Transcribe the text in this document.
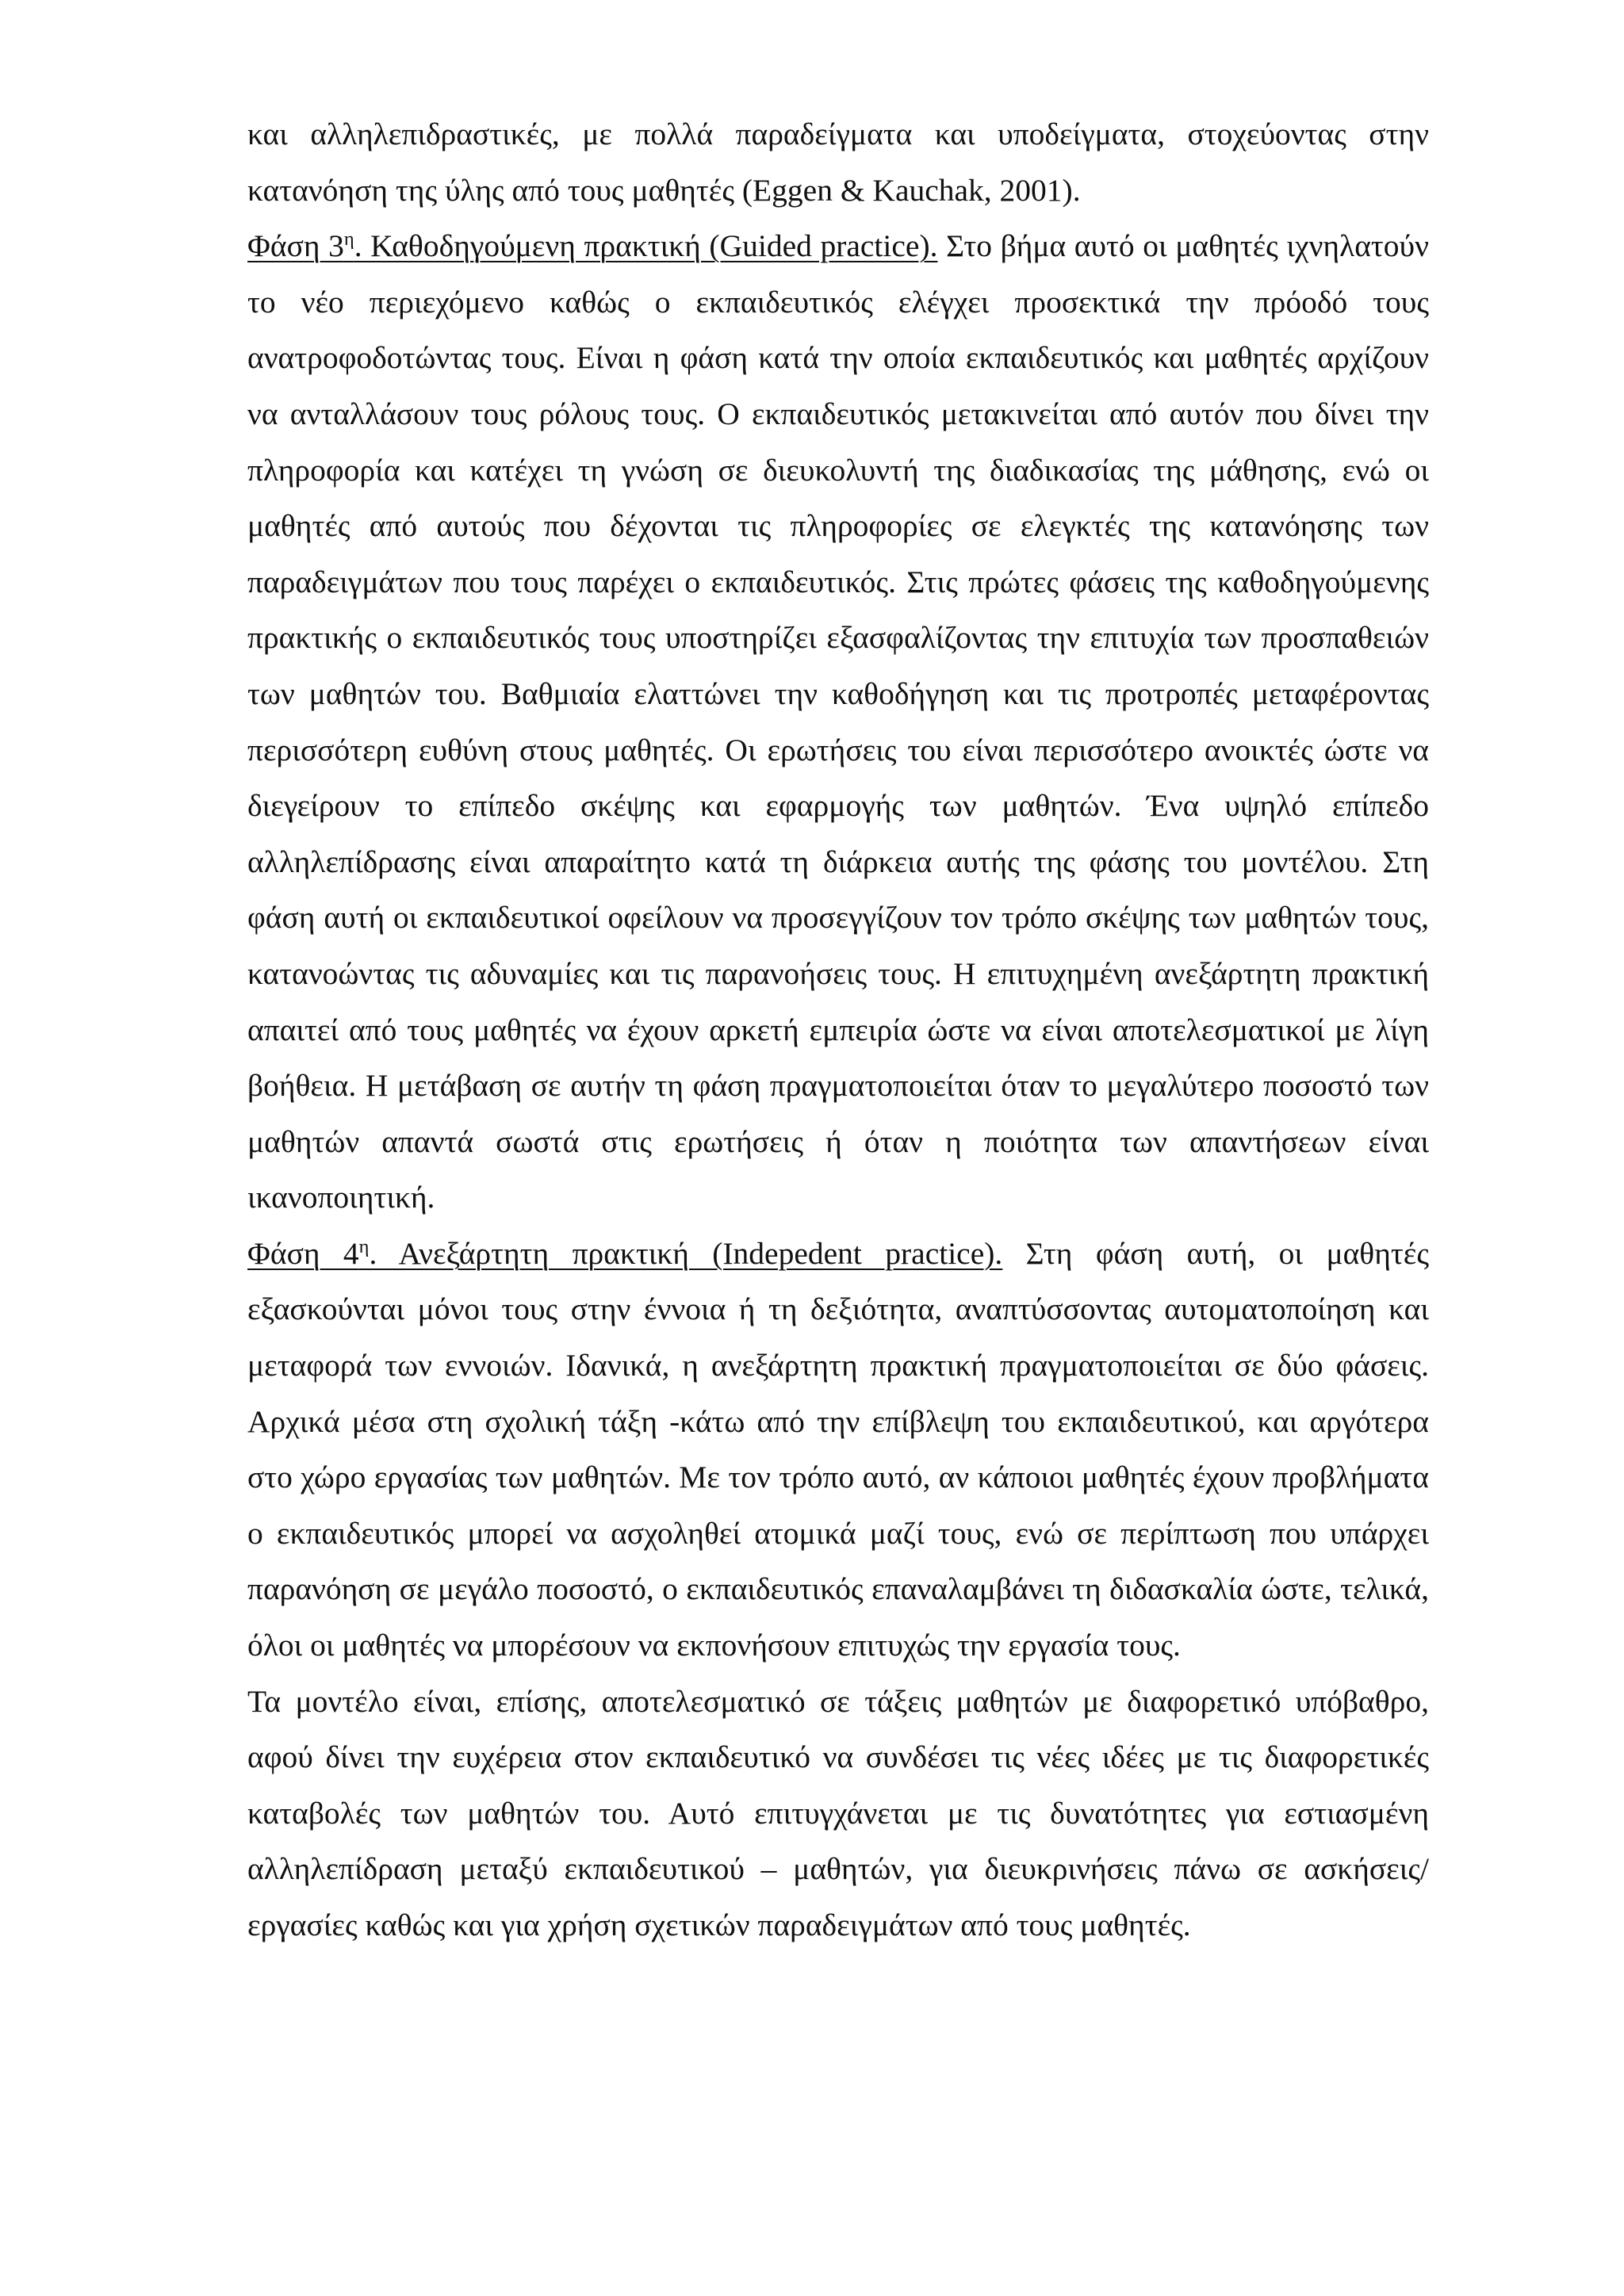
και αλληλεπιδραστικές, με πολλά παραδείγματα και υποδείγματα, στοχεύοντας στην κατανόηση της ύλης από τους μαθητές (Eggen & Kauchak, 2001).

Φάση $3^\eta$. Καθοδηγούμενη πρακτική (Guided practice). Στο βήμα αυτό οι μαθητές ιχνηλατούν το νέο περιεχόμενο καθώς ο εκπαιδευτικός ελέγχει προσεκτικά την πρόοδό τους ανατροφοδοτώντας τους. Είναι η φάση κατά την οποία εκπαιδευτικός και μαθητές αρχίζουν να ανταλλάσουν τους ρόλους τους. Ο εκπαιδευτικός μετακινείται από αυτόν που δίνει την πληροφορία και κατέχει τη γνώση σε διευκολυντή της διαδικασίας της μάθησης, ενώ οι μαθητές από αυτούς που δέχονται τις πληροφορίες σε ελεγκτές της κατανόησης των παραδειγμάτων που τους παρέχει ο εκπαιδευτικός. Στις πρώτες φάσεις της καθοδηγούμενης πρακτικής ο εκπαιδευτικός τους υποστηρίζει εξασφαλίζοντας την επιτυχία των προσπαθειών των μαθητών του. Βαθμιαία ελαττώνει την καθοδήγηση και τις προτροπές μεταφέροντας περισσότερη ευθύνη στους μαθητές. Οι ερωτήσεις του είναι περισσότερο ανοικτές ώστε να διεγείρουν το επίπεδο σκέψης και εφαρμογής των μαθητών. Ένα υψηλό επίπεδο αλληλεπίδρασης είναι απαραίτητο κατά τη διάρκεια αυτής της φάσης του μοντέλου. Στη φάση αυτή οι εκπαιδευτικοί οφείλουν να προσεγγίζουν τον τρόπο σκέψης των μαθητών τους, κατανοώντας τις αδυναμίες και τις παρανοήσεις τους. Η επιτυχημένη ανεξάρτητη πρακτική απαιτεί από τους μαθητές να έχουν αρκετή εμπειρία ώστε να είναι αποτελεσματικοί με λίγη βοήθεια. Η μετάβαση σε αυτήν τη φάση πραγματοποιείται όταν το μεγαλύτερο ποσοστό των μαθητών απαντά σωστά στις ερωτήσεις ή όταν η ποιότητα των απαντήσεων είναι ικανοποιητική.

Φάση $4^\eta$. Ανεξάρτητη πρακτική (Indepedent practice). Στη φάση αυτή, οι μαθητές εξασκούνται μόνοι τους στην έννοια ή τη δεξιότητα, αναπτύσσοντας αυτοματοποίηση και μεταφορά των εννοιών. Ιδανικά, η ανεξάρτητη πρακτική πραγματοποιείται σε δύο φάσεις. Αρχικά μέσα στη σχολική τάξη -κάτω από την επίβλεψη του εκπαιδευτικού, και αργότερα στο χώρο εργασίας των μαθητών. Με τον τρόπο αυτό, αν κάποιοι μαθητές έχουν προβλήματα ο εκπαιδευτικός μπορεί να ασχοληθεί ατομικά μαζί τους, ενώ σε περίπτωση που υπάρχει παρανόηση σε μεγάλο ποσοστό, ο εκπαιδευτικός επαναλαμβάνει τη διδασκαλία ώστε, τελικά, όλοι οι μαθητές να μπορέσουν να εκπονήσουν επιτυχώς την εργασία τους.

Τα μοντέλο είναι, επίσης, αποτελεσματικό σε τάξεις μαθητών με διαφορετικό υπόβαθρο, αφού δίνει την ευχέρεια στον εκπαιδευτικό να συνδέσει τις νέες ιδέες με τις διαφορετικές καταβολές των μαθητών του. Αυτό επιτυγχάνεται με τις δυνατότητες για εστιασμένη αλληλεπίδραση μεταξύ εκπαιδευτικού – μαθητών, για διευκρινήσεις πάνω σε ασκήσεις/ εργασίες καθώς και για χρήση σχετικών παραδειγμάτων από τους μαθητές.
